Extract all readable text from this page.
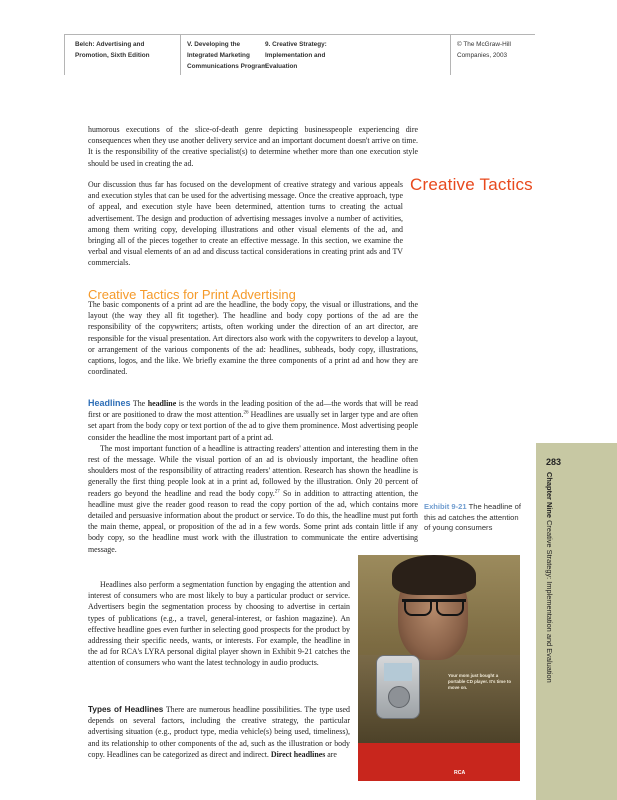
Belch: Advertising and
Promotion, Sixth Edition
V. Developing the
Integrated Marketing
Communications Program
9. Creative Strategy:
Implementation and
Evaluation
© The McGraw-Hill
Companies, 2003

humorous executions of the slice-of-death genre depicting businesspeople experiencing dire consequences when they use another delivery service and an important document doesn't arrive on time. It is the responsibility of the creative specialist(s) to determine whether more than one execution style should be used in creating the ad.

Creative Tactics

Our discussion thus far has focused on the development of creative strategy and various appeals and execution styles that can be used for the advertising message. Once the creative approach, type of appeal, and execution style have been determined, attention turns to creating the actual advertisement. The design and production of advertising messages involve a number of activities, among them writing copy, developing illustrations and other visual elements of the ad, and bringing all of the pieces together to create an effective message. In this section, we examine the verbal and visual elements of an ad and discuss tactical considerations in creating print ads and TV commercials.

Creative Tactics for Print Advertising

The basic components of a print ad are the headline, the body copy, the visual or illustrations, and the layout (the way they all fit together). The headline and body copy portions of the ad are the responsibility of the copywriters; artists, often working under the direction of an art director, are responsible for the visual presentation. Art directors also work with the copywriters to develop a layout, or arrangement of the various components of the ad: headlines, subheads, body copy, illustrations, captions, logos, and the like. We briefly examine the three components of a print ad and how they are coordinated.

Headlines The headline is the words in the leading position of the ad—the words that will be read first or are positioned to draw the most attention.$^{26}$ Headlines are usually set in larger type and are often set apart from the body copy or text portion of the ad to give them prominence. Most advertising people consider the headline the most important part of a print ad.

The most important function of a headline is attracting readers' attention and interesting them in the rest of the message. While the visual portion of an ad is obviously important, the headline often shoulders most of the responsibility of attracting readers' attention. Research has shown the headline is generally the first thing people look at in a print ad, followed by the illustration. Only 20 percent of readers go beyond the headline and read the body copy.$^{27}$ So in addition to attracting attention, the headline must give the reader good reason to read the copy portion of the ad, which contains more detailed and persuasive information about the product or service. To do this, the headline must put forth the main theme, appeal, or proposition of the ad in a few words. Some print ads contain little if any body copy, so the headline must work with the illustration to communicate the entire advertising message.

Headlines also perform a segmentation function by engaging the attention and interest of consumers who are most likely to buy a particular product or service. Advertisers begin the segmentation process by choosing to advertise in certain types of publications (e.g., a travel, general-interest, or fashion magazine). An effective headline goes even further in selecting good prospects for the product by addressing their specific needs, wants, or interests. For example, the headline in the ad for RCA's LYRA personal digital player shown in Exhibit 9-21 catches the attention of consumers who want the latest technology in audio products.

Types of Headlines There are numerous headline possibilities. The type used depends on several factors, including the creative strategy, the particular advertising situation (e.g., product type, media vehicle(s) being used, timeliness), and its relationship to other components of the ad, such as the illustration or body copy. Headlines can be categorized as direct and indirect. Direct headlines are

Exhibit 9-21 The headline of this ad catches the attention of young consumers
Your mom just bought a portable CD player. It's time to move on.
RCA
283
Chapter Nine Creative Strategy: Implementation and Evaluation
